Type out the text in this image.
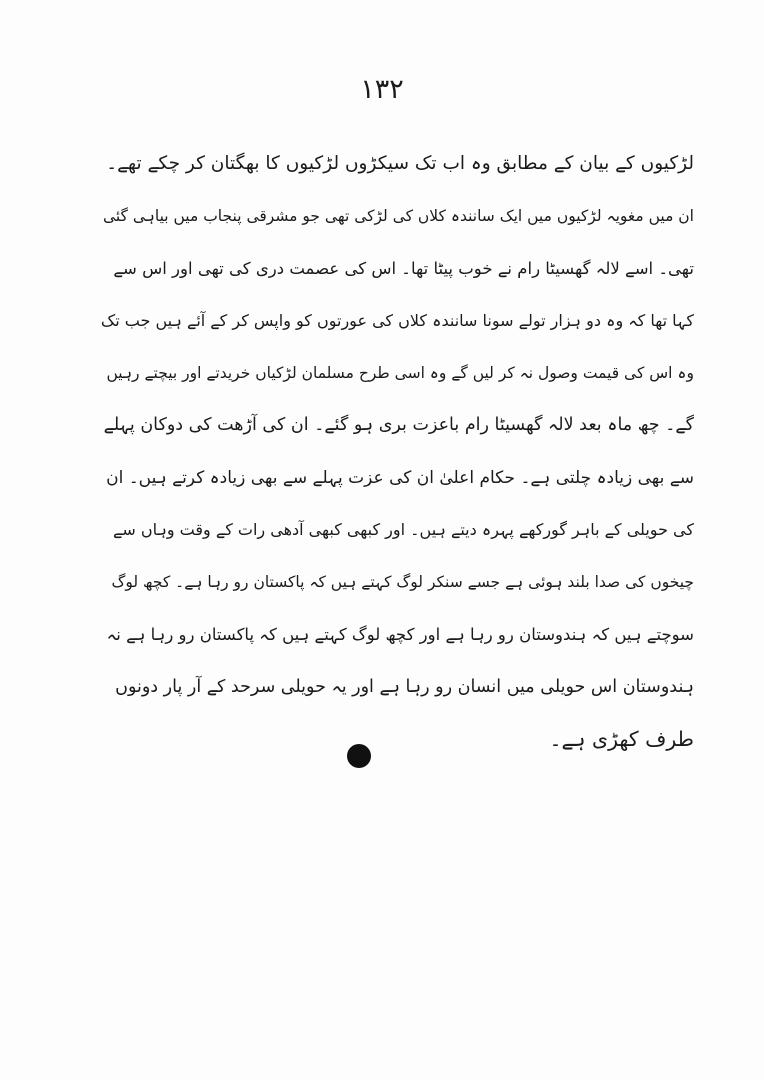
۱۳۲
لڑکیوں کے بیان کے مطابق وہ اب تک سیکڑوں لڑکیوں کا بھگتان کر چکے تھے۔
ان میں مغویہ لڑکیوں میں ایک سانندہ کلاں کی لڑکی تھی جو مشرقی پنجاب میں بیاہی گئی
تھی۔ اسے لالہ گھسیٹا رام نے خوب پیٹا تھا۔ اس کی عصمت دری کی تھی اور اس سے
کہا تھا کہ وہ دو ہزار تولے سونا سانندہ کلاں کی عورتوں کو واپس کر کے آئے ہیں جب تک
وہ اس کی قیمت وصول نہ کر لیں گے وہ اسی طرح مسلمان لڑکیاں خریدتے اور بیچتے رہیں
گے۔ چھ ماہ بعد لالہ گھسیٹا رام باعزت بری ہو گئے۔ ان کی آڑھت کی دوکان پہلے
سے بھی زیادہ چلتی ہے۔ حکام اعلیٰ ان کی عزت پہلے سے بھی زیادہ کرتے ہیں۔ ان
کی حویلی کے باہر گورکھے پہرہ دیتے ہیں۔ اور کبھی کبھی آدھی رات کے وقت وہاں سے
چیخوں کی صدا بلند ہوئی ہے جسے سنکر لوگ کہتے ہیں کہ پاکستان رو رہا ہے۔ کچھ لوگ
سوچتے ہیں کہ ہندوستان رو رہا ہے اور کچھ لوگ کہتے ہیں کہ پاکستان رو رہا ہے نہ
ہندوستان اس حویلی میں انسان رو رہا ہے اور یہ حویلی سرحد کے آر پار دونوں
طرف کھڑی ہے۔
